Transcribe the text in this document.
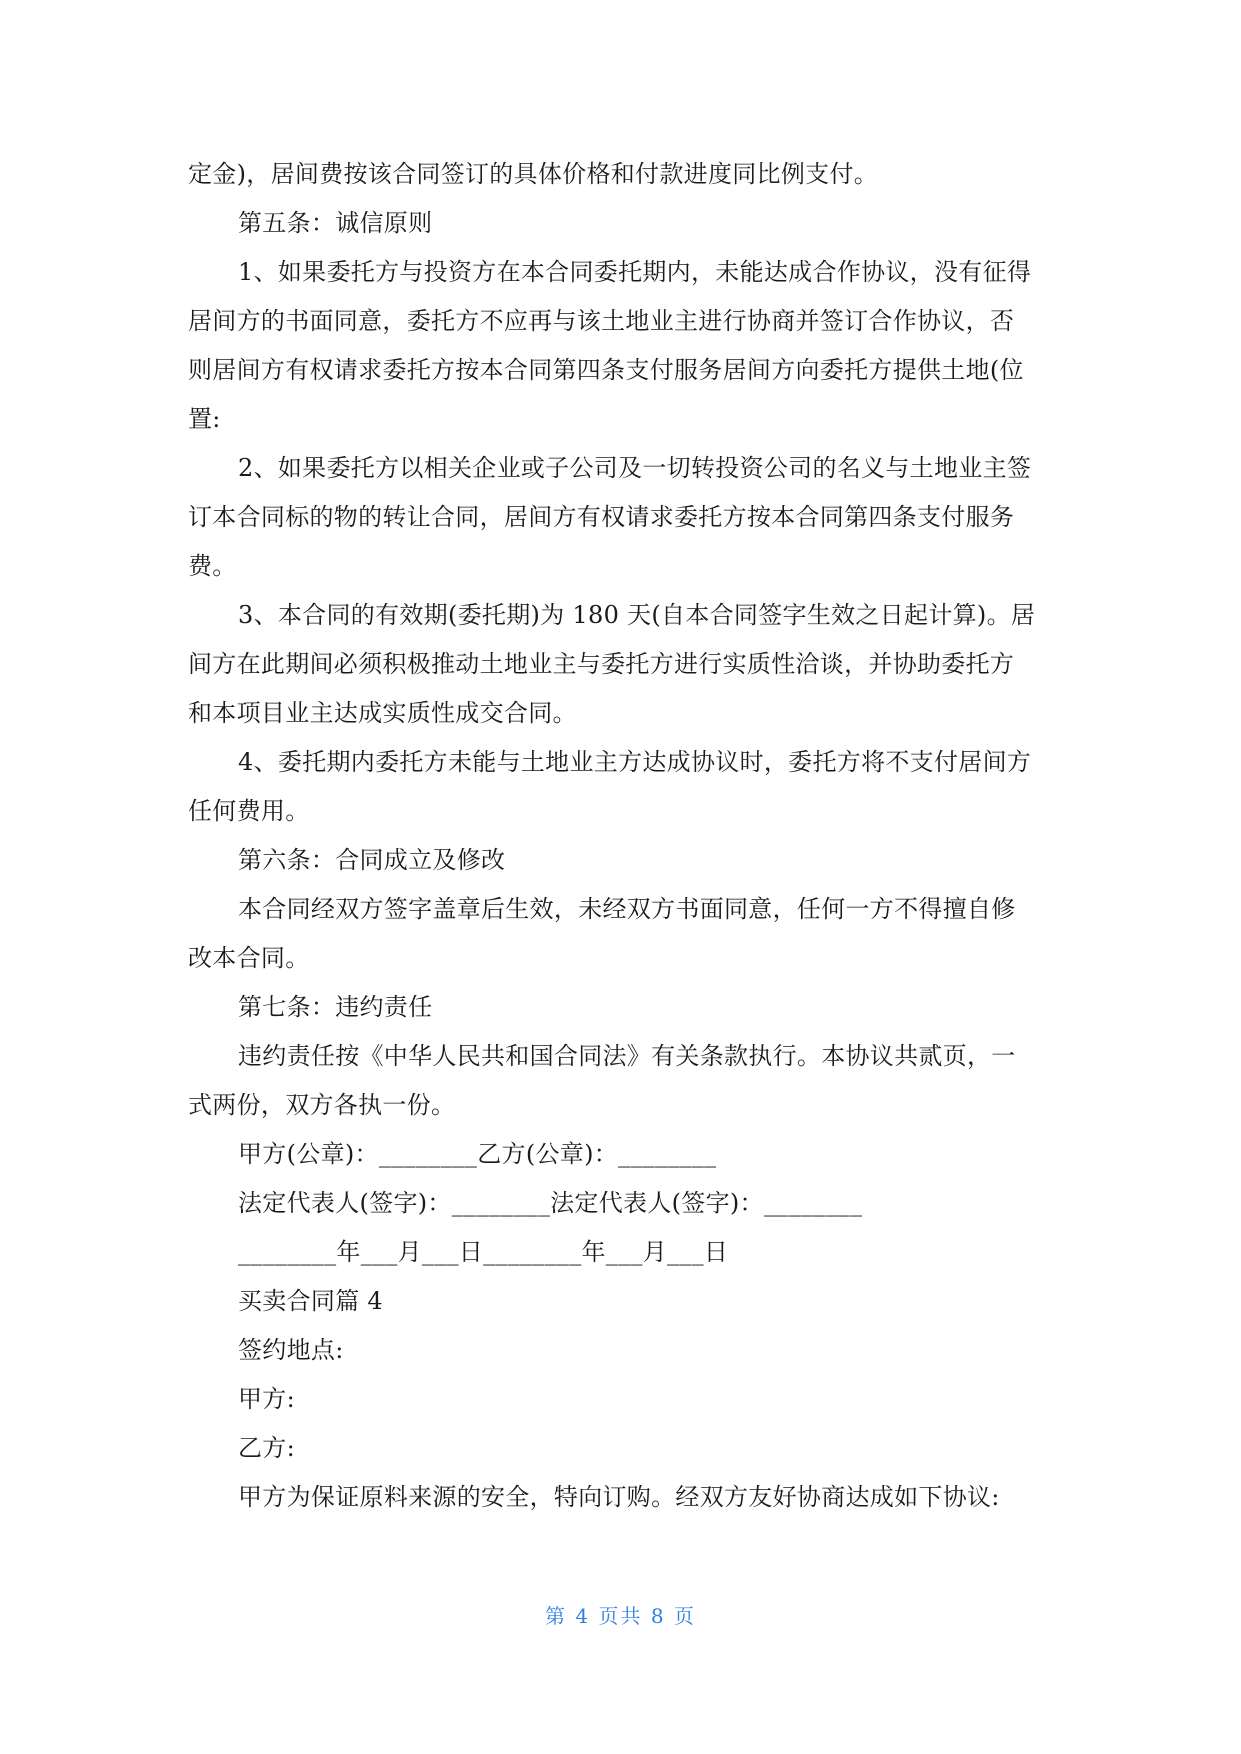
定金)，居间费按该合同签订的具体价格和付款进度同比例支付。
第五条：诚信原则
1、如果委托方与投资方在本合同委托期内，未能达成合作协议，没有征得
居间方的书面同意，委托方不应再与该土地业主进行协商并签订合作协议，否
则居间方有权请求委托方按本合同第四条支付服务居间方向委托方提供土地(位
置:
2、如果委托方以相关企业或子公司及一切转投资公司的名义与土地业主签
订本合同标的物的转让合同，居间方有权请求委托方按本合同第四条支付服务
费。
3、本合同的有效期(委托期)为 180 天(自本合同签字生效之日起计算)。居
间方在此期间必须积极推动土地业主与委托方进行实质性洽谈，并协助委托方
和本项目业主达成实质性成交合同。
4、委托期内委托方未能与土地业主方达成协议时，委托方将不支付居间方
任何费用。
第六条：合同成立及修改
本合同经双方签字盖章后生效，未经双方书面同意，任何一方不得擅自修
改本合同。
第七条：违约责任
违约责任按《中华人民共和国合同法》有关条款执行。本协议共贰页，一
式两份，双方各执一份。
甲方(公章)：________乙方(公章)：________
法定代表人(签字)：________法定代表人(签字)：________
________年___月___日________年___月___日
买卖合同篇 4
签约地点:
甲方:
乙方:
甲方为保证原料来源的安全，特向订购。经双方友好协商达成如下协议:
第 4 页共 8 页
